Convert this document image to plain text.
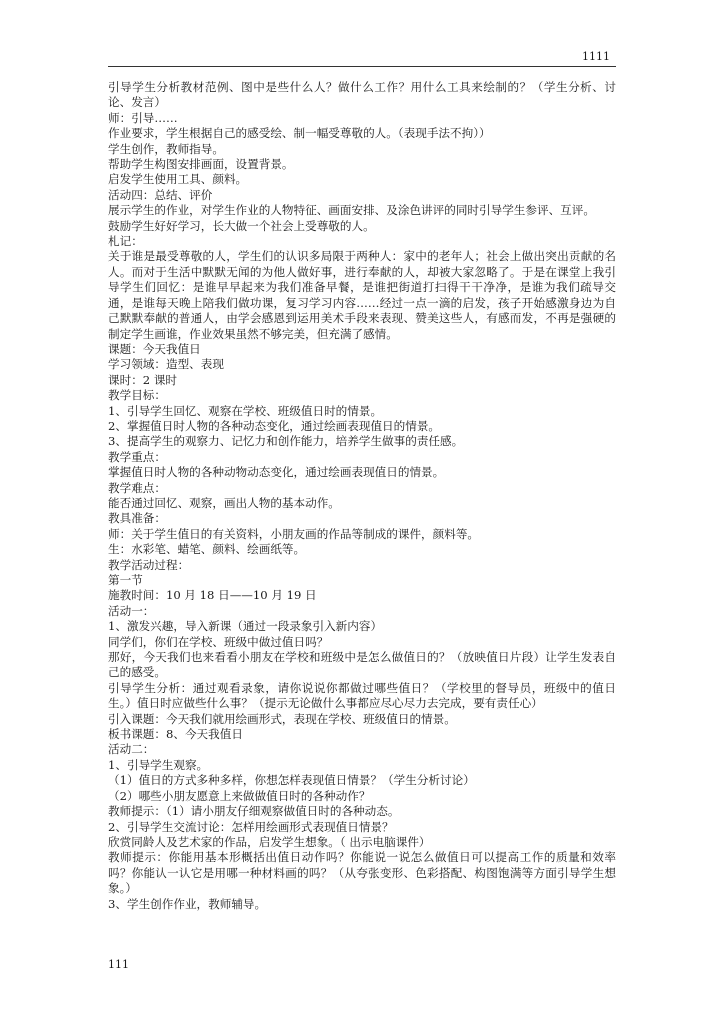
1111

引导学生分析教材范例、图中是些什么人？做什么工作？用什么工具来绘制的？（学生分析、讨论、发言）

师：引导……

作业要求，学生根据自己的感受绘、制一幅受尊敬的人。（表现手法不拘））

学生创作，教师指导。

帮助学生构图安排画面，设置背景。

启发学生使用工具、颜料。

活动四：总结、评价

展示学生的作业，对学生作业的人物特征、画面安排、及涂色讲评的同时引导学生参评、互评。

鼓励学生好好学习，长大做一个社会上受尊敬的人。

札记：

关于谁是最受尊敬的人，学生们的认识多局限于两种人：家中的老年人；社会上做出突出贡献的名人。而对于生活中默默无闻的为他人做好事，进行奉献的人，却被大家忽略了。于是在课堂上我引导学生们回忆：是谁早早起来为我们准备早餐，是谁把街道打扫得干干净净，是谁为我们疏导交通，是谁每天晚上陪我们做功课，复习学习内容……经过一点一滴的启发，孩子开始感激身边为自己默默奉献的普通人，由学会感恩到运用美术手段来表现、赞美这些人，有感而发，不再是强硬的制定学生画谁，作业效果虽然不够完美，但充满了感情。

课题：今天我值日

学习领域：造型、表现

课时：2 课时

教学目标：

1、引导学生回忆、观察在学校、班级值日时的情景。

2、掌握值日时人物的各种动态变化，通过绘画表现值日的情景。

3、提高学生的观察力、记忆力和创作能力，培养学生做事的责任感。

教学重点：

掌握值日时人物的各种动物动态变化，通过绘画表现值日的情景。

教学难点：

能否通过回忆、观察，画出人物的基本动作。

教具准备：

师：关于学生值日的有关资料，小朋友画的作品等制成的课件，颜料等。

生：水彩笔、蜡笔、颜料、绘画纸等。

教学活动过程：

第一节

施教时间：10 月 18 日——10 月 19 日

活动一：

1、激发兴趣，导入新课（通过一段录象引入新内容）

同学们，你们在学校、班级中做过值日吗？

那好，今天我们也来看看小朋友在学校和班级中是怎么做值日的？（放映值日片段）让学生发表自己的感受。

引导学生分析：通过观看录象，请你说说你都做过哪些值日？（学校里的督导员，班级中的值日生。）值日时应做些什么事？（提示无论做什么事都应尽心尽力去完成，要有责任心）

引入课题：今天我们就用绘画形式，表现在学校、班级值日的情景。

板书课题：8、今天我值日

活动二：

1、引导学生观察。

（1）值日的方式多种多样，你想怎样表现值日情景？（学生分析讨论）

（2）哪些小朋友愿意上来做做值日时的各种动作？

教师提示：（1）请小朋友仔细观察做值日时的各种动态。

2、引导学生交流讨论：怎样用绘画形式表现值日情景？

欣赏同龄人及艺术家的作品，启发学生想象。（ 出示电脑课件）

教师提示：你能用基本形概括出值日动作吗？你能说一说怎么做值日可以提高工作的质量和效率吗？你能认一认它是用哪一种材料画的吗？（从夸张变形、色彩搭配、构图饱满等方面引导学生想象。）

3、学生创作作业，教师辅导。

111
